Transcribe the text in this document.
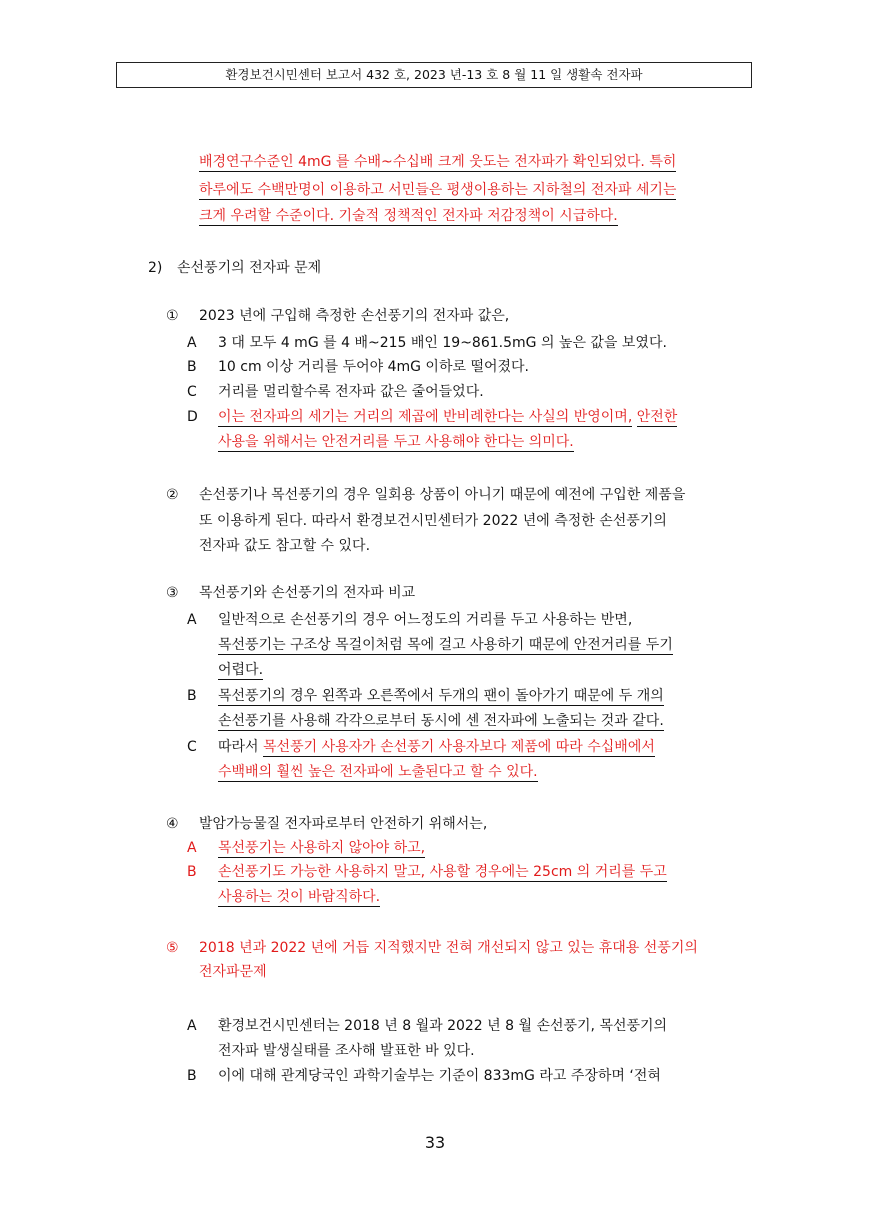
환경보건시민센터 보고서 432 호, 2023 년-13 호 8 월 11 일 생활속 전자파
배경연구수준인 4mG 를 수배~수십배 크게 웃도는 전자파가 확인되었다. 특히
하루에도 수백만명이 이용하고 서민들은 평생이용하는 지하철의 전자파 세기는
크게 우려할 수준이다. 기술적 정책적인 전자파 저감정책이 시급하다.
2) 손선풍기의 전자파 문제
① 2023 년에 구입해 측정한 손선풍기의 전자파 값은,
A 3 대 모두 4 mG 를 4 배~215 배인 19~861.5mG 의 높은 값을 보였다.
B 10 cm 이상 거리를 두어야 4mG 이하로 떨어졌다.
C 거리를 멀리할수록 전자파 값은 줄어들었다.
D 이는 전자파의 세기는 거리의 제곱에 반비례한다는 사실의 반영이며, 안전한
사용을 위해서는 안전거리를 두고 사용해야 한다는 의미다.
② 손선풍기나 목선풍기의 경우 일회용 상품이 아니기 때문에 예전에 구입한 제품을
또 이용하게 된다. 따라서 환경보건시민센터가 2022 년에 측정한 손선풍기의
전자파 값도 참고할 수 있다.
③ 목선풍기와 손선풍기의 전자파 비교
A 일반적으로 손선풍기의 경우 어느정도의 거리를 두고 사용하는 반면,
목선풍기는 구조상 목걸이처럼 목에 걸고 사용하기 때문에 안전거리를 두기
어렵다.
B 목선풍기의 경우 왼쪽과 오른쪽에서 두개의 팬이 돌아가기 때문에 두 개의
손선풍기를 사용해 각각으로부터 동시에 센 전자파에 노출되는 것과 같다.
C 따라서 목선풍기 사용자가 손선풍기 사용자보다 제품에 따라 수십배에서
수백배의 훨씬 높은 전자파에 노출된다고 할 수 있다.
④ 발암가능물질 전자파로부터 안전하기 위해서는,
A 목선풍기는 사용하지 않아야 하고,
B 손선풍기도 가능한 사용하지 말고, 사용할 경우에는 25cm 의 거리를 두고
사용하는 것이 바람직하다.
⑤ 2018 년과 2022 년에 거듭 지적했지만 전혀 개선되지 않고 있는 휴대용 선풍기의
전자파문제
A 환경보건시민센터는 2018 년 8 월과 2022 년 8 월 손선풍기, 목선풍기의
전자파 발생실태를 조사해 발표한 바 있다.
B 이에 대해 관계당국인 과학기술부는 기준이 833mG 라고 주장하며 ‘전혀
33
